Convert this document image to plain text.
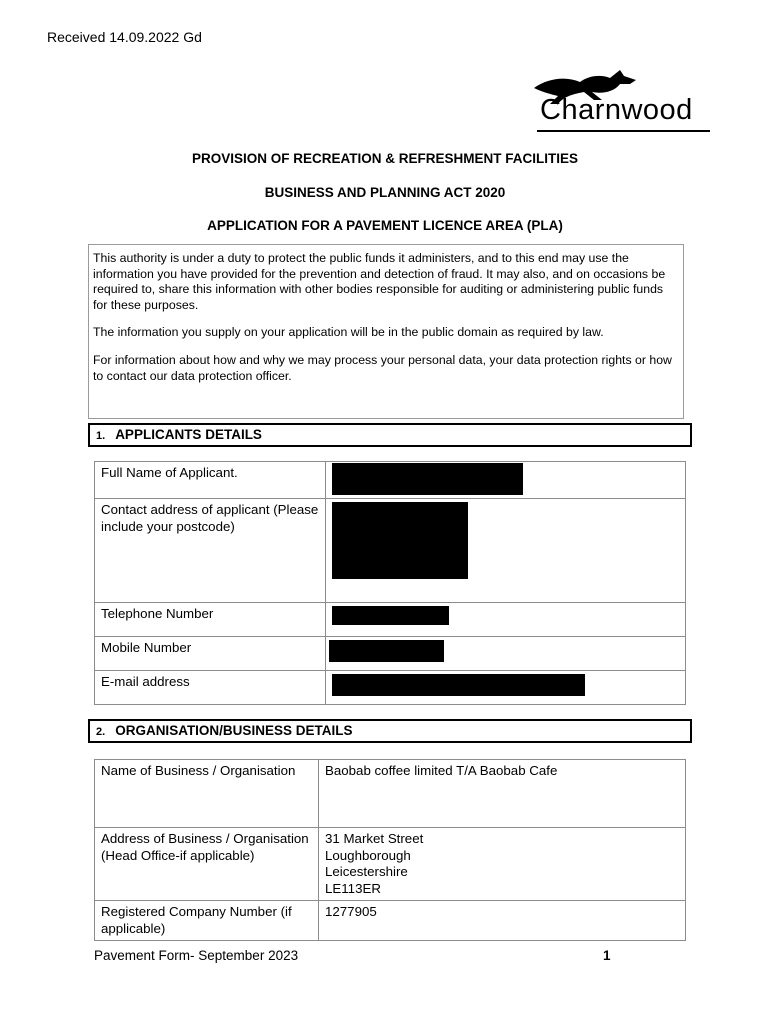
Received 14.09.2022 Gd
Charnwood
PROVISION OF RECREATION & REFRESHMENT FACILITIES
BUSINESS AND PLANNING ACT 2020
APPLICATION FOR A PAVEMENT LICENCE AREA (PLA)

This authority is under a duty to protect the public funds it administers, and to this end may use the information you have provided for the prevention and detection of fraud. It may also, and on occasions be required to, share this information with other bodies responsible for auditing or administering public funds for these purposes.

The information you supply on your application will be in the public domain as required by law.

For information about how and why we may process your personal data, your data protection rights or how to contact our data protection officer.

1. APPLICANTS DETAILS
Full Name of Applicant.	

Contact address of applicant (Please include your postcode)	

Telephone Number	

Mobile Number	

E-mail address	
2. ORGANISATION/BUSINESS DETAILS
Name of Business / Organisation	Baobab coffee limited T/A Baobab Cafe
Address of Business / Organisation (Head Office-if applicable)	31 Market Street
Loughborough
Leicestershire
LE113ER

Registered Company Number (if applicable)	1277905
Pavement Form- September 2023	1
